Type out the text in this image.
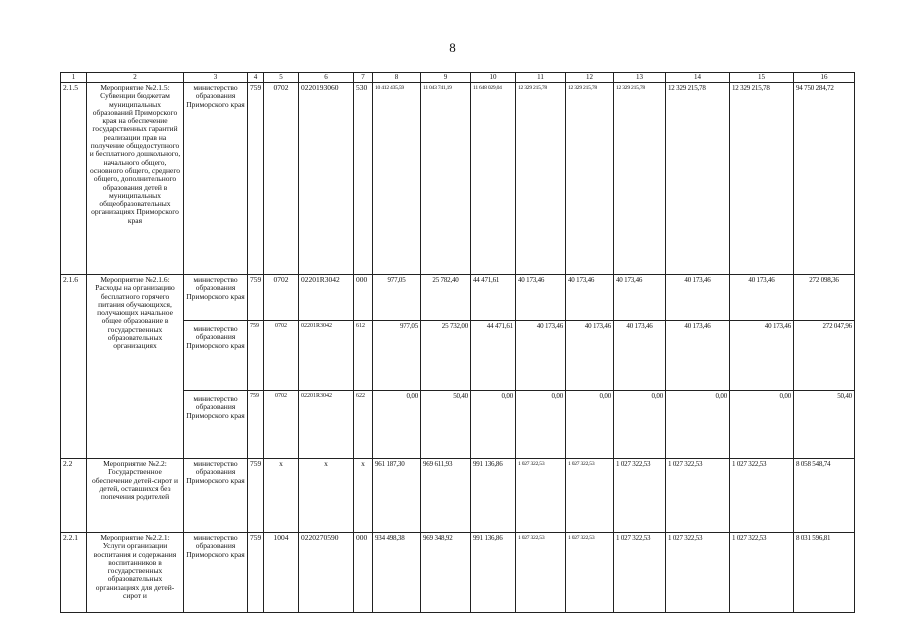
8
1	2	3	4	5	6	7	8	9	10	11	12	13	14	15	16
2.1.5	Мероприятие №2.1.5: Субвенции бюджетам муниципальных образований Приморского края на обеспечение государственных гарантий реализации прав на получение общедоступного и бесплатного дошкольного, начального общего, основного общего, среднего общего, дополнительного образования детей в муниципальных общеобразовательных организациях Приморского края	министерство образования Приморского края	759	0702	0220193060	530	10 412 435,59	11 043 741,19	11 648 029,04	12 329 215,78	12 329 215,78	12 329 215,78	12 329 215,78	12 329 215,78	94 750 284,72
2.1.6	Мероприятие №2.1.6: Расходы на организацию бесплатного горячего питания обучающихся, получающих начальное общее образование в государственных образовательных организациях	министерство образования Приморского края	759	0702	02201R3042	000	977,05	25 782,40	44 471,61	40 173,46	40 173,46	40 173,46	40 173,46	40 173,46	272 098,36
		министерство образования Приморского края	759	0702	02201R3042	612	977,05	25 732,00	44 471,61	40 173,46	40 173,46	40 173,46	40 173,46	40 173,46	272 047,96
		министерство образования Приморского края	759	0702	02201R3042	622	0,00	50,40	0,00	0,00	0,00	0,00	0,00	0,00	50,40
2.2	Мероприятие №2.2: Государственное обеспечение детей-сирот и детей, оставшихся без попечения родителей	министерство образования Приморского края	759	х	х	х	961 187,30	969 611,93	991 136,86	1 027 322,53	1 027 322,53	1 027 322,53	1 027 322,53	1 027 322,53	8 058 548,74
2.2.1	Мероприятие №2.2.1: Услуги организации воспитания и содержания воспитанников в государственных образовательных организациях для детей-сирот и	министерство образования Приморского края	759	1004	0220270590	000	934 498,38	969 348,92	991 136,86	1 027 322,53	1 027 322,53	1 027 322,53	1 027 322,53	1 027 322,53	8 031 596,81
